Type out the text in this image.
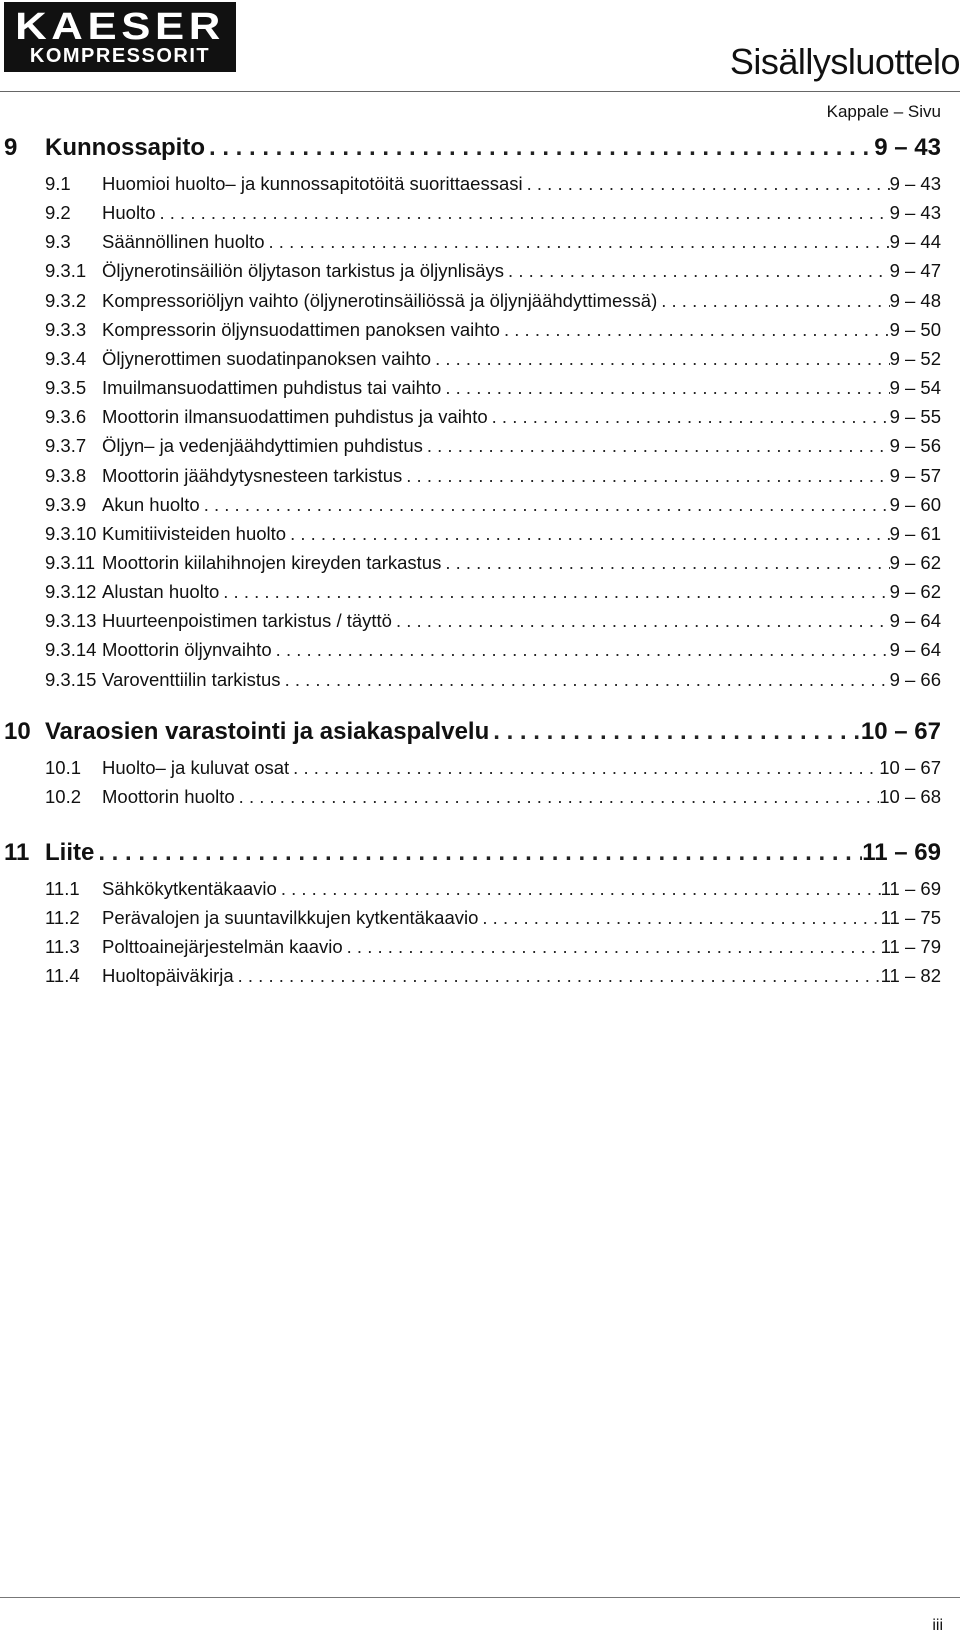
KAESER
KOMPRESSORIT	Sisällysluottelo
Kappale – Sivu
9 Kunnossapito . . .	9 – 43
9.1 Huomioi huolto– ja kunnossapitotöitä suorittaessasi . . .	9 – 43
9.2 Huolto . . .	9 – 43
9.3 Säännöllinen huolto . . .	9 – 44
9.3.1 Öljynerotinsäiliön öljytason tarkistus ja öljynlisäys . . .	9 – 47
9.3.2 Kompressoriöljyn vaihto (öljynerotinsäiliössä ja öljynjäähdyttimessä) . . .	9 – 48
9.3.3 Kompressorin öljynsuodattimen panoksen vaihto . . .	9 – 50
9.3.4 Öljynerottimen suodatinpanoksen vaihto . . .	9 – 52
9.3.5 Imuilmansuodattimen puhdistus tai vaihto . . .	9 – 54
9.3.6 Moottorin ilmansuodattimen puhdistus ja vaihto . . .	9 – 55
9.3.7 Öljyn– ja vedenjäähdyttimien puhdistus . . .	9 – 56
9.3.8 Moottorin jäähdytysnesteen tarkistus . . .	9 – 57
9.3.9 Akun huolto . . .	9 – 60
9.3.10 Kumitiivisteiden huolto . . .	9 – 61
9.3.11 Moottorin kiilahihnojen kireyden tarkastus . . .	9 – 62
9.3.12 Alustan huolto . . .	9 – 62
9.3.13 Huurteenpoistimen tarkistus / täyttö . . .	9 – 64
9.3.14 Moottorin öljynvaihto . . .	9 – 64
9.3.15 Varoventtiilin tarkistus . . .	9 – 66
10 Varaosien varastointi ja asiakaspalvelu . . .	10 – 67
10.1 Huolto– ja kuluvat osat . . .	10 – 67
10.2 Moottorin huolto . . .	10 – 68
11 Liite . . .	11 – 69
11.1 Sähkökytkentäkaavio . . .	11 – 69
11.2 Perävalojen ja suuntavilkkujen kytkentäkaavio . . .	11 – 75
11.3 Polttoainejärjestelmän kaavio . . .	11 – 79
11.4 Huoltopäiväkirja . . .	11 – 82
iii
